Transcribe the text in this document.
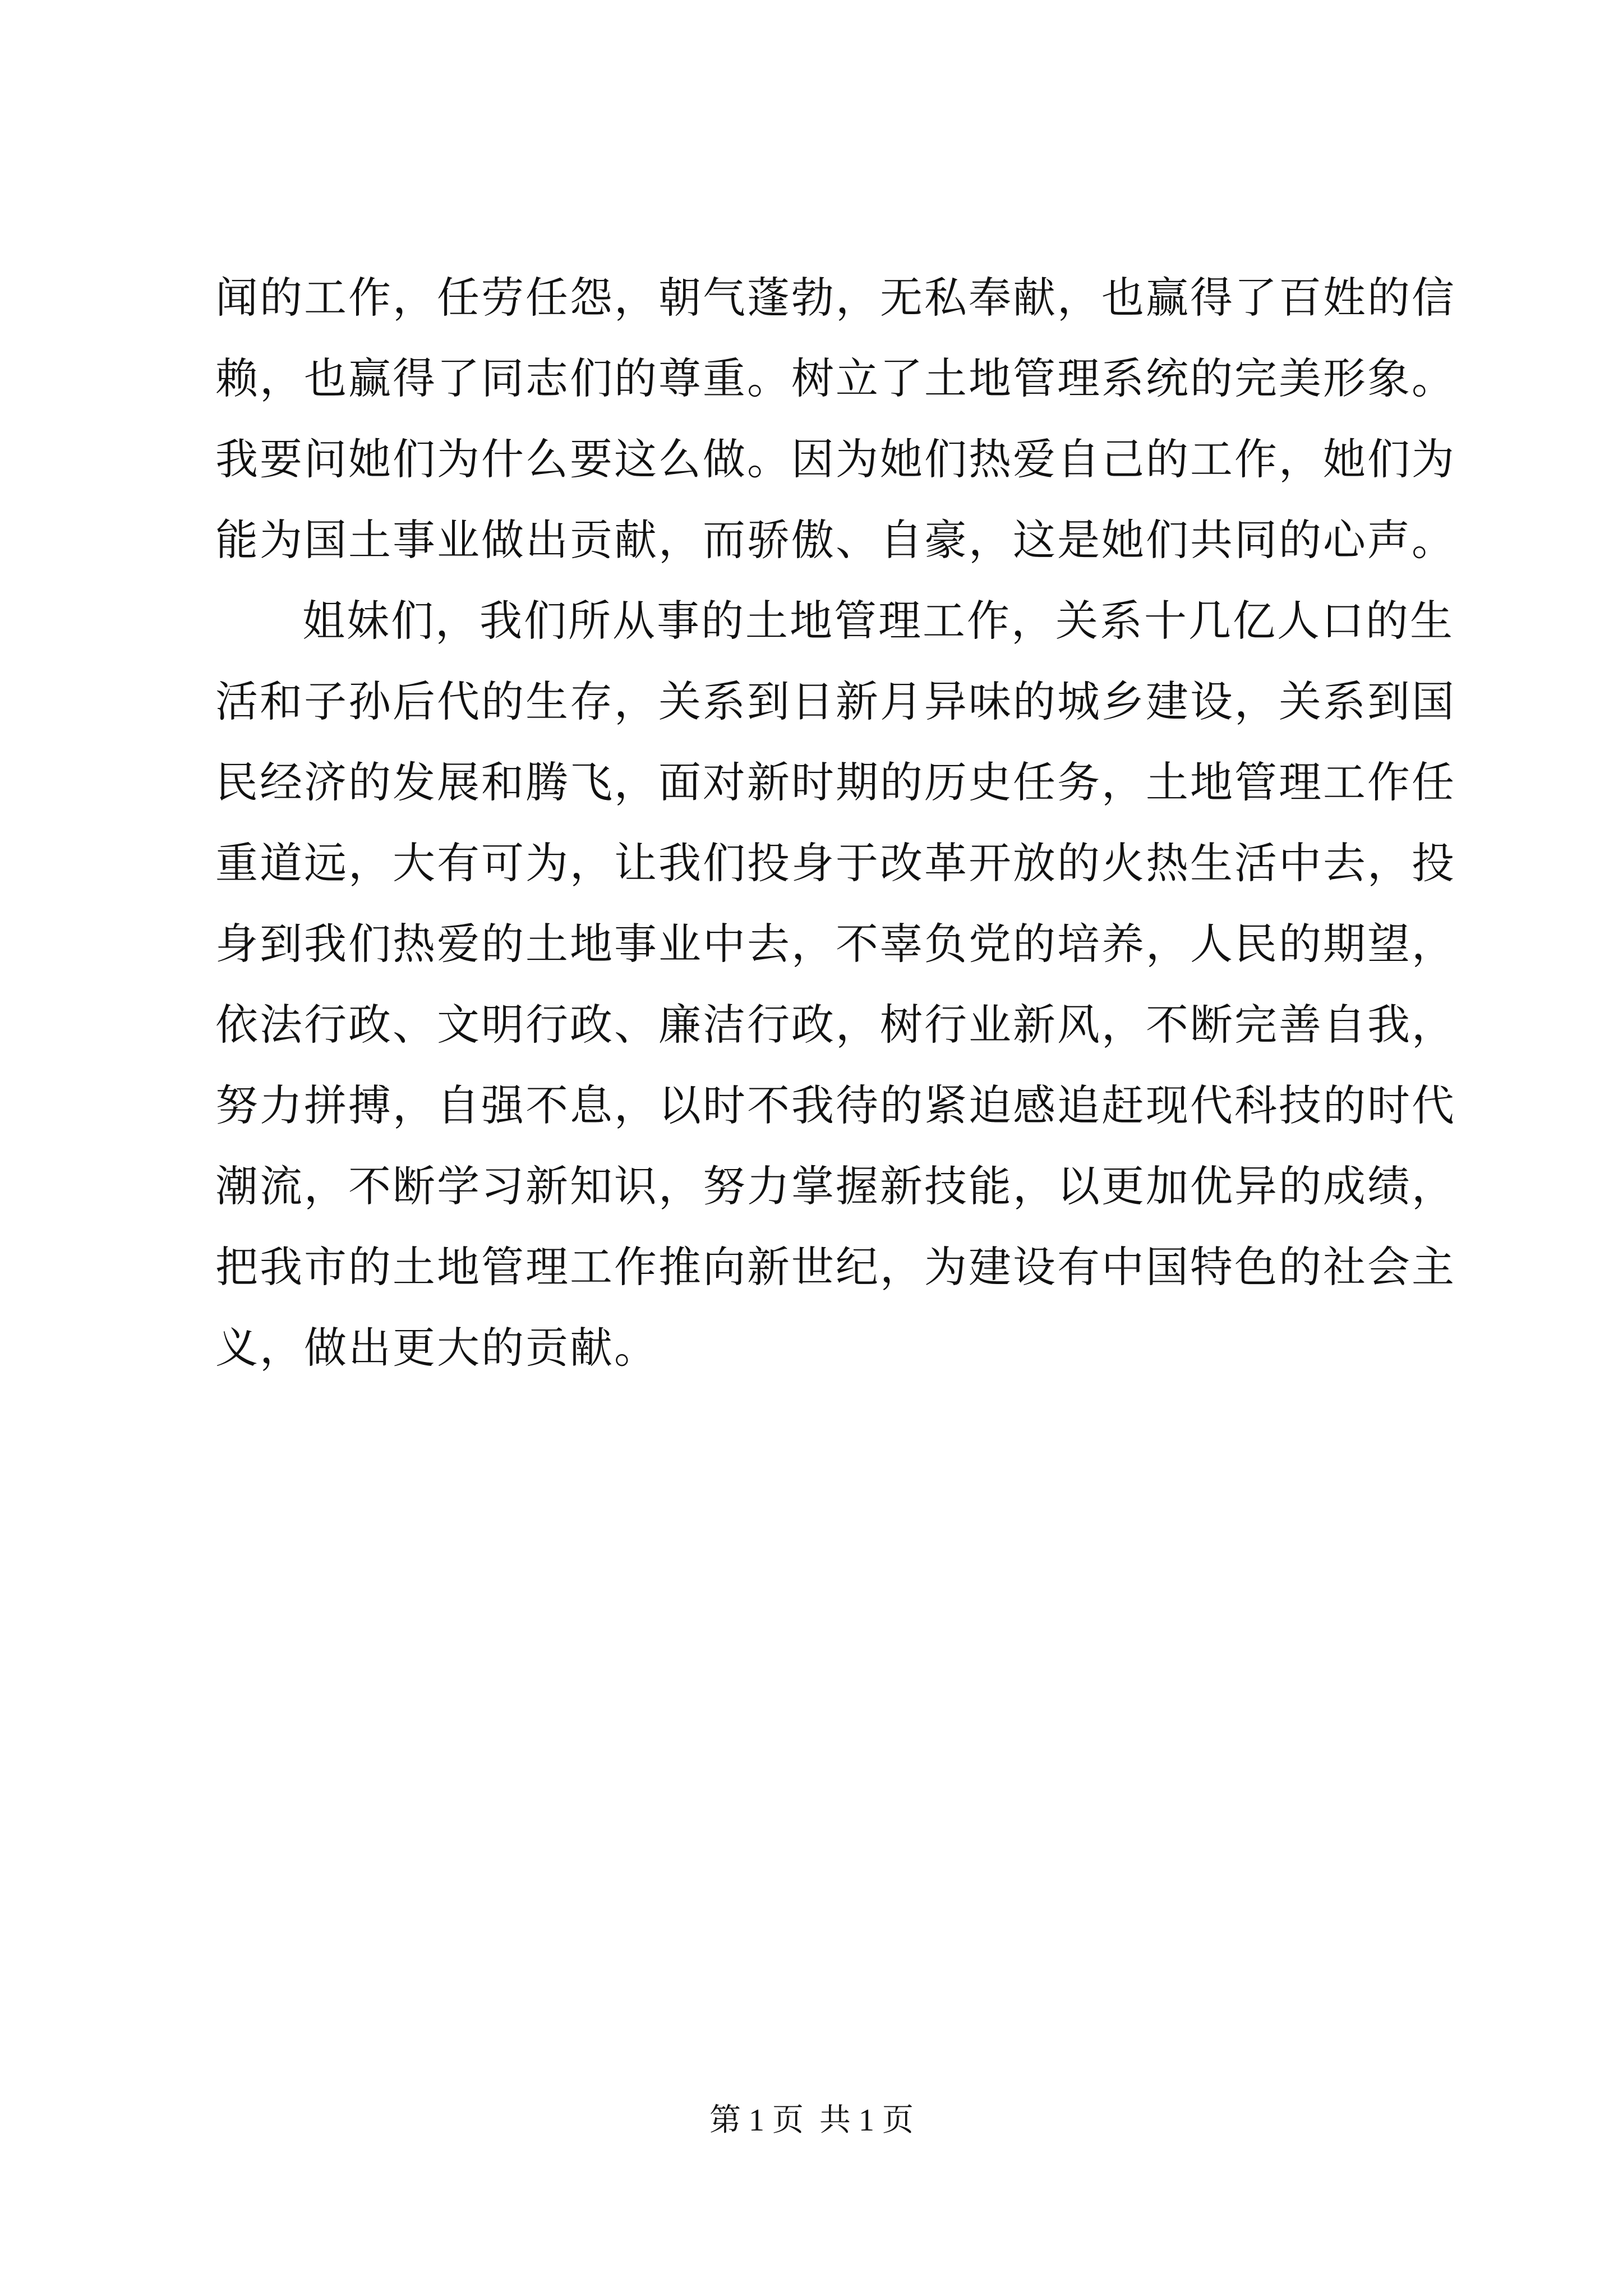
闻的工作，任劳任怨，朝气蓬勃，无私奉献，也赢得了百姓的信
赖，也赢得了同志们的尊重。树立了土地管理系统的完美形象。
我要问她们为什么要这么做。因为她们热爱自己的工作，她们为
能为国土事业做出贡献，而骄傲、自豪，这是她们共同的心声。
姐妹们，我们所从事的土地管理工作，关系十几亿人口的生
活和子孙后代的生存，关系到日新月异味的城乡建设，关系到国
民经济的发展和腾飞，面对新时期的历史任务，土地管理工作任
重道远，大有可为，让我们投身于改革开放的火热生活中去，投
身到我们热爱的土地事业中去，不辜负党的培养，人民的期望，
依法行政、文明行政、廉洁行政，树行业新风，不断完善自我，
努力拼搏，自强不息，以时不我待的紧迫感追赶现代科技的时代
潮流，不断学习新知识，努力掌握新技能，以更加优异的成绩，
把我市的土地管理工作推向新世纪，为建设有中国特色的社会主
义，做出更大的贡献。
第 1 页  共 1 页
